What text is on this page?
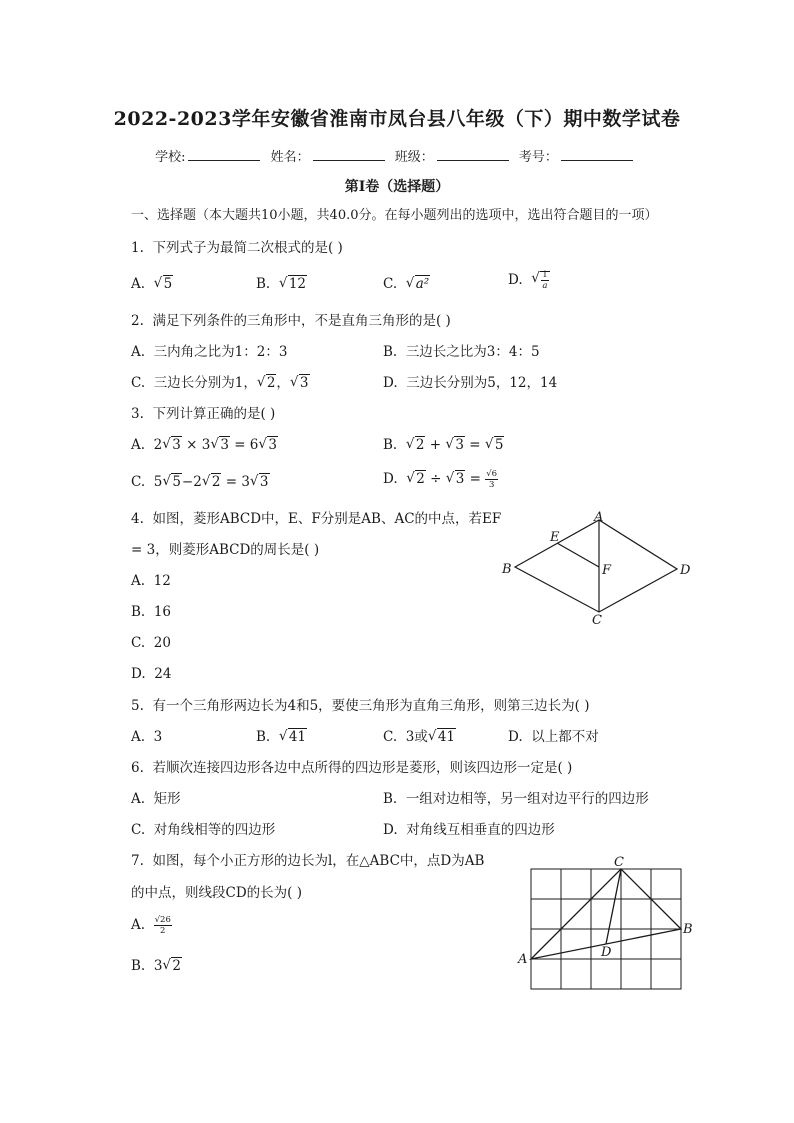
2022-2023学年安徽省淮南市凤台县八年级（下）期中数学试卷
学校:	姓名：	班级：	考号：
第I卷（选择题）
一、选择题（本大题共10小题，共40.0分。在每小题列出的选项中，选出符合题目的一项）
1. 下列式子为最简二次根式的是( )
A. √ 5	B. √ 12	C. √ a²	D. √ $\frac{1}{a}$
2. 满足下列条件的三角形中，不是直角三角形的是( )
A. 三内角之比为1：2：3	B. 三边长之比为3：4：5
C. 三边长分别为1， √ 2， √ 3	D. 三边长分别为5，12，14
3. 下列计算正确的是( )
A. 2 √ 3 × 3 √ 3 = 6 √ 3	B. √ 2 + √ 3 = √ 5
C. 5 √ 5−2 √ 2 = 3 √ 3	D. √ 2 ÷ √ $3 = \frac{√6}{3}$
4. 如图，菱形ABCD中，E、F分别是AB、AC的中点，若EF
= 3，则菱形ABCD的周长是( )
A. 12
B. 16
C. 20
D. 24
A
B
C
D
E
F
5. 有一个三角形两边长为4和5，要使三角形为直角三角形，则第三边长为( )
A. 3	B. √ 41	C. 3或 √ 41	D. 以上都不对
6. 若顺次连接四边形各边中点所得的四边形是菱形，则该四边形一定是( )
A. 矩形	B. 一组对边相等，另一组对边平行的四边形
C. 对角线相等的四边形	D. 对角线互相垂直的四边形
7. 如图，每个小正方形的边长为l，在△ABC中，点D为AB
的中点，则线段CD的长为( )
A. $\frac{√26}{2}$
B. 3 √ 2
C
A
B
D
